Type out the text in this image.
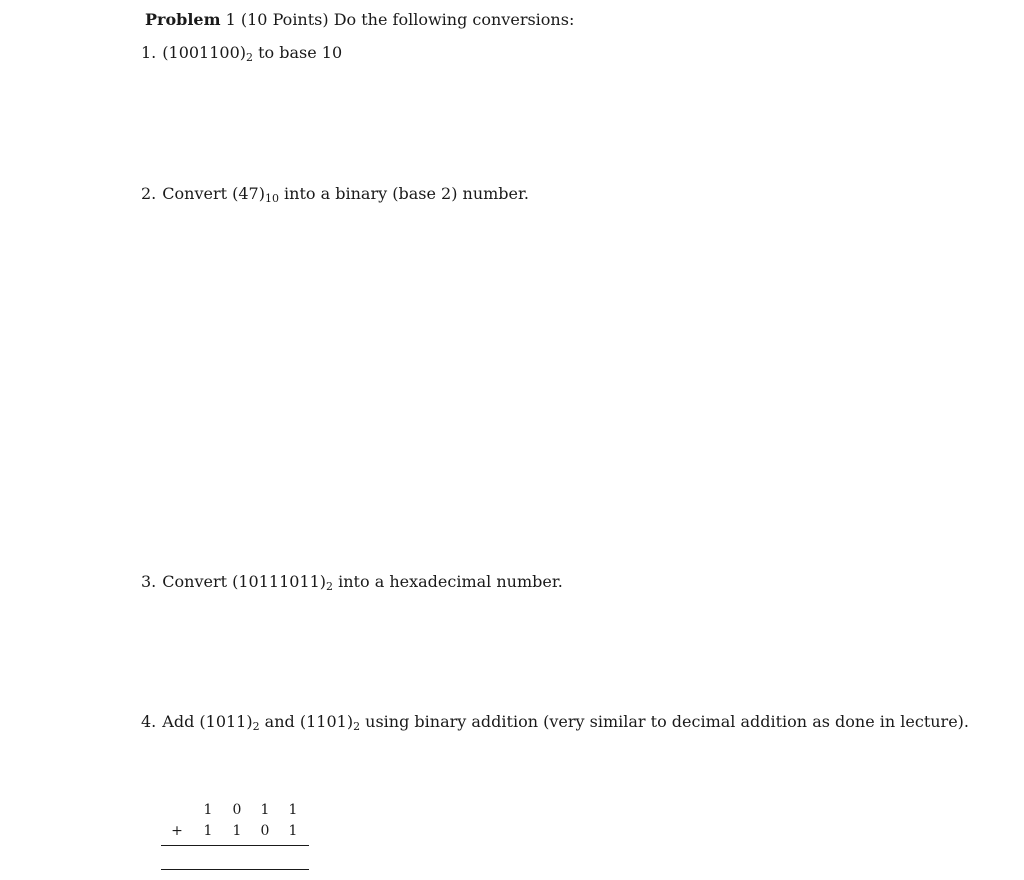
Problem 1 (10 Points) Do the following conversions:
1. $(1001100)_2$ to base 10
2. Convert $(47)_{10}$ into a binary (base 2) number.
3. Convert $(10111011)_2$ into a hexadecimal number.
4. Add $(1011)_2$ and $(1101)_2$ using binary addition (very similar to decimal addition as done in lecture).
1 0 1 1
+ 1 1 0 1
